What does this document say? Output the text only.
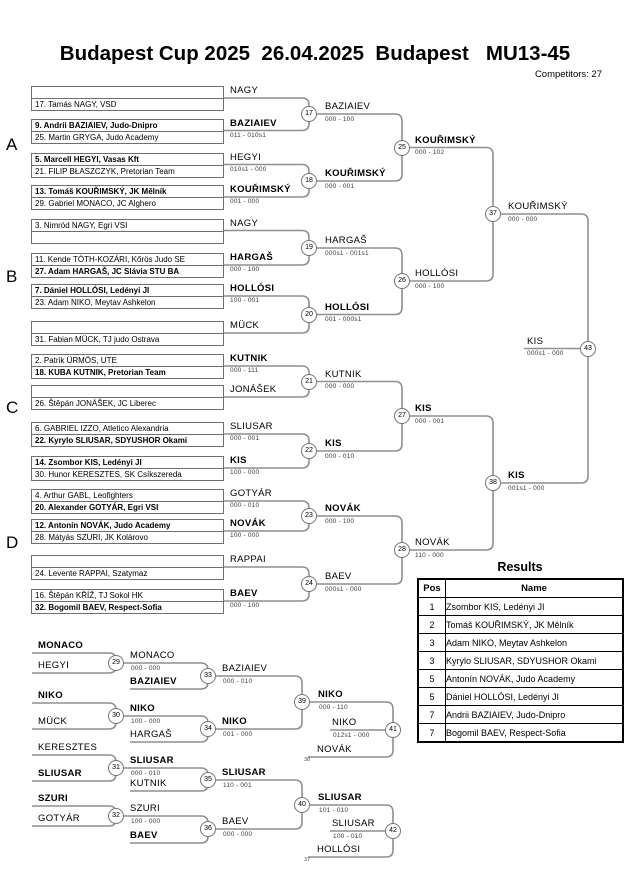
Budapest Cup 2025  26.04.2025  Budapest   MU13-45
Competitors: 27
Results
Pos	Name
1	Zsombor KIS, Ledényi JI
2	Tomáš KOUŘIMSKÝ, JK Mělník
3	Adam NIKO, Meytav Ashkelon
3	Kyrylo SLIUSAR, SDYUSHOR Okami
5	Antonín NOVÁK, Judo Academy
5	Dániel HOLLÓSI, Ledényi JI
7	Andrii BAZIAIEV, Judo-Dnipro
7	Bogomil BAEV, Respect-Sofia
A
B
C
D
17. Tamás NAGY, VSD
NAGY
9. Andrii BAZIAIEV, Judo-Dnipro
25. Martin GRYGA, Judo Academy
BAZIAIEV
011 - 010s1
5. Marcell HEGYI, Vasas Kft
21. FILIP BŁASZCZYK, Pretorian Team
HEGYI
010s1 - 000
13. Tomáš KOUŘIMSKÝ, JK Mělník
29. Gabriel MONACO, JC Alghero
KOUŘIMSKÝ
001 - 000
3. Nimród NAGY, Egri VSI	NAGY
11. Kende TÓTH-KOZÁRI, Kőrös Judo SE
27. Adam HARGAŠ, JC Slávia STU BA
HARGAŠ
000 - 100
7. Dániel HOLLÓSI, Ledényi JI
23. Adam NIKO, Meytav Ashkelon
HOLLÓSI
100 - 001
31. Fabian MÜCK, TJ judo Ostrava
MÜCK
2. Patrik ÜRMÖS, UTE
18. KUBA KUTNIK, Pretorian Team
KUTNIK
000 - 111
26. Štěpán JONÁŠEK, JC Liberec
JONÁŠEK
6. GABRIEL IZZO, Atletico Alexandria
22. Kyrylo SLIUSAR, SDYUSHOR Okami
SLIUSAR
000 - 001
14. Zsombor KIS, Ledényi JI
30. Hunor KERESZTES, SK Csíkszereda
KIS
100 - 000
4. Arthur GABL, Leofighters
20. Alexander GOTYÁR, Egri VSI
GOTYÁR
000 - 010
12. Antonín NOVÁK, Judo Academy
28. Mátyás SZURI, JK Kolárovo
NOVÁK
100 - 000
24. Levente RAPPAI, Szatymaz
RAPPAI
16. Štěpán KŘÍŽ, TJ Sokol HK
32. Bogomil BAEV, Respect-Sofia
BAEV
000 - 100
BAZIAIEV
000 - 100
17
KOUŘIMSKÝ
000 - 001
18
HARGAŠ
000s1 - 001s1
19
HOLLÓSI
001 - 000s1
20
KUTNIK
000 - 000
21
KIS
000 - 010
22
NOVÁK
000 - 100
23
BAEV
000s1 - 000
24
KOUŘIMSKÝ
000 - 102
25
HOLLÓSI
000 - 100
26
KIS
000 - 001
27
NOVÁK
110 - 000
28
KOUŘIMSKÝ
000 - 000
37
KIS
001s1 - 000
38
KIS
000s1 - 000
43
MONACO
HEGYI
NIKO
MÜCK
KERESZTES
SLIUSAR
SZURI
GOTYÁR
BAZIAIEV
HARGAŠ
KUTNIK
BAEV
NOVÁK
38
HOLLÓSI
37
MONACO
000 - 000
29
NIKO
100 - 000
30
SLIUSAR
000 - 010
31
SZURI
100 - 000
32
BAZIAIEV
000 - 010
33
NIKO
001 - 000
34
SLIUSAR
110 - 001
35
BAEV
000 - 000
36
NIKO
000 - 110
39
SLIUSAR
101 - 010
40
NIKO
012s1 - 000
41
SLIUSAR
100 - 010
42
